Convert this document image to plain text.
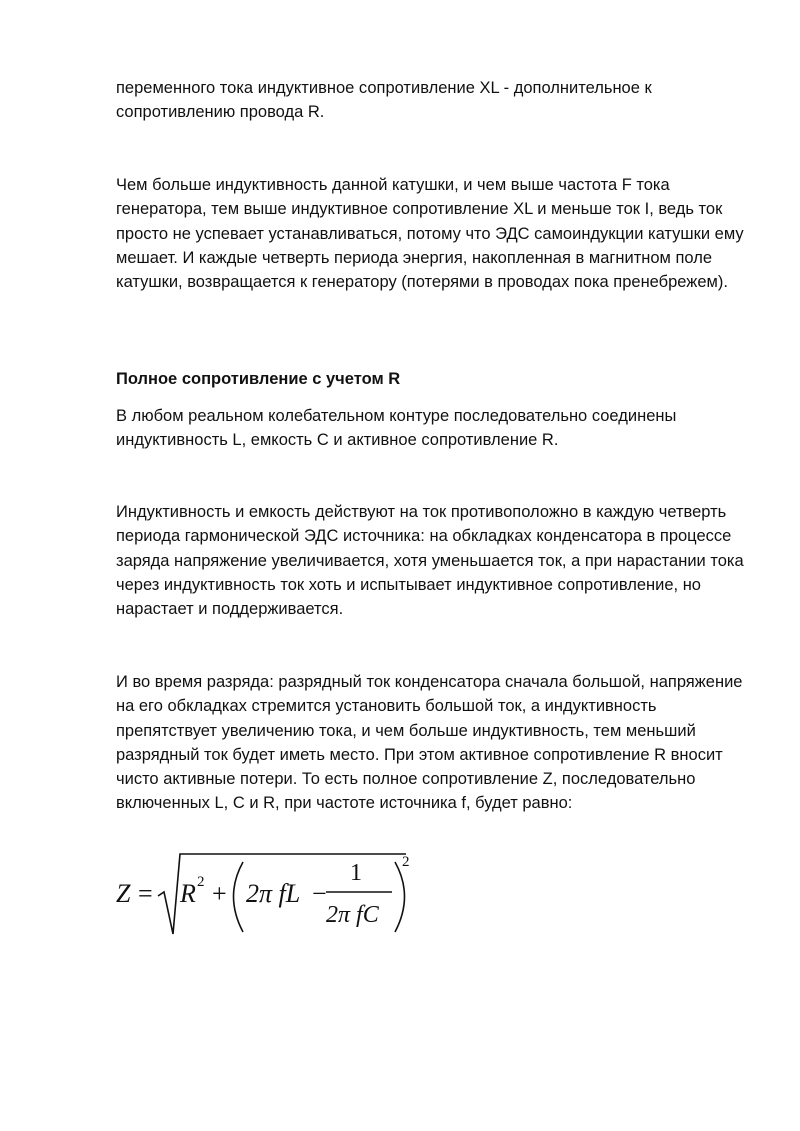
переменного тока индуктивное сопротивление XL - дополнительное к сопротивлению провода R.

Чем больше индуктивность данной катушки, и чем выше частота F тока генератора, тем выше индуктивное сопротивление XL и меньше ток I, ведь ток просто не успевает устанавливаться, потому что ЭДС самоиндукции катушки ему мешает. И каждые четверть периода энергия, накопленная в магнитном поле катушки, возвращается к генератору (потерями в проводах пока пренебрежем).

Полное сопротивление с учетом R

В любом реальном колебательном контуре последовательно соединены индуктивность L, емкость C и активное сопротивление R.

Индуктивность и емкость действуют на ток противоположно в каждую четверть периода гармонической ЭДС источника: на обкладках конденсатора в процессе заряда напряжение увеличивается, хотя уменьшается ток, а при нарастании тока через индуктивность ток хоть и испытывает индуктивное сопротивление, но нарастает и поддерживается.

И во время разряда: разрядный ток конденсатора сначала большой, напряжение на его обкладках стремится установить большой ток, а индуктивность препятствует увеличению тока, и чем больше индуктивность, тем меньший разрядный ток будет иметь место. При этом активное сопротивление R вносит чисто активные потери. То есть полное сопротивление Z, последовательно включенных L, C и R, при частоте источника f, будет равно:

Z = R 2 + 2π fL −
1
2π fC
2
